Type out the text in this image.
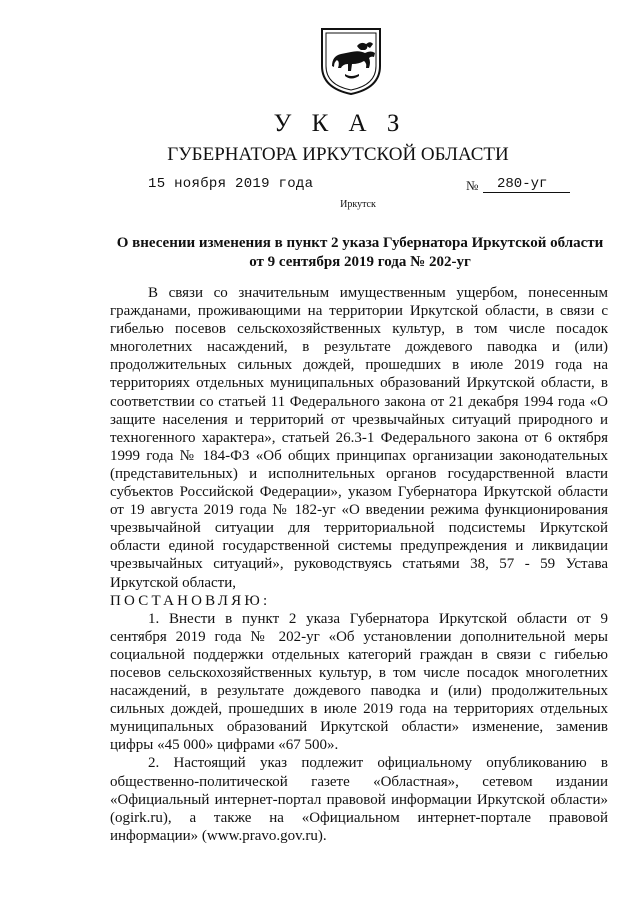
У К А З
ГУБЕРНАТОРА ИРКУТСКОЙ ОБЛАСТИ
15 ноября 2019 года	№	280-уг
Иркутск
О внесении изменения в пункт 2 указа Губернатора Иркутской области
от 9 сентября 2019 года № 202-уг

В связи со значительным имущественным ущербом, понесенным гражданами, проживающими на территории Иркутской области, в связи с гибелью посевов сельскохозяйственных культур, в том числе посадок многолетних насаждений, в результате дождевого паводка и (или) продолжительных сильных дождей, прошедших в июле 2019 года на территориях отдельных муниципальных образований Иркутской области, в соответствии со статьей 11 Федерального закона от 21 декабря 1994 года «О защите населения и территорий от чрезвычайных ситуаций природного и техногенного характера», статьей 26.3-1 Федерального закона от 6 октября 1999 года № 184-ФЗ «Об общих принципах организации законодательных (представительных) и исполнительных органов государственной власти субъектов Российской Федерации», указом Губернатора Иркутской области от 19 августа 2019 года № 182-уг «О введении режима функционирования чрезвычайной ситуации для территориальной подсистемы Иркутской области единой государственной системы предупреждения и ликвидации чрезвычайных ситуаций», руководствуясь статьями 38, 57 - 59 Устава Иркутской области,

ПОСТАНОВЛЯЮ:

1. Внести в пункт 2 указа Губернатора Иркутской области от 9 сентября 2019 года № 202-уг «Об установлении дополнительной меры социальной поддержки отдельных категорий граждан в связи с гибелью посевов сельскохозяйственных культур, в том числе посадок многолетних насаждений, в результате дождевого паводка и (или) продолжительных сильных дождей, прошедших в июле 2019 года на территориях отдельных муниципальных образований Иркутской области» изменение, заменив цифры «45 000» цифрами «67 500».

2. Настоящий указ подлежит официальному опубликованию в общественно-политической газете «Областная», сетевом издании «Официальный интернет-портал правовой информации Иркутской области» (ogirk.ru), а также на «Официальном интернет-портале правовой информации» (www.pravo.gov.ru).
